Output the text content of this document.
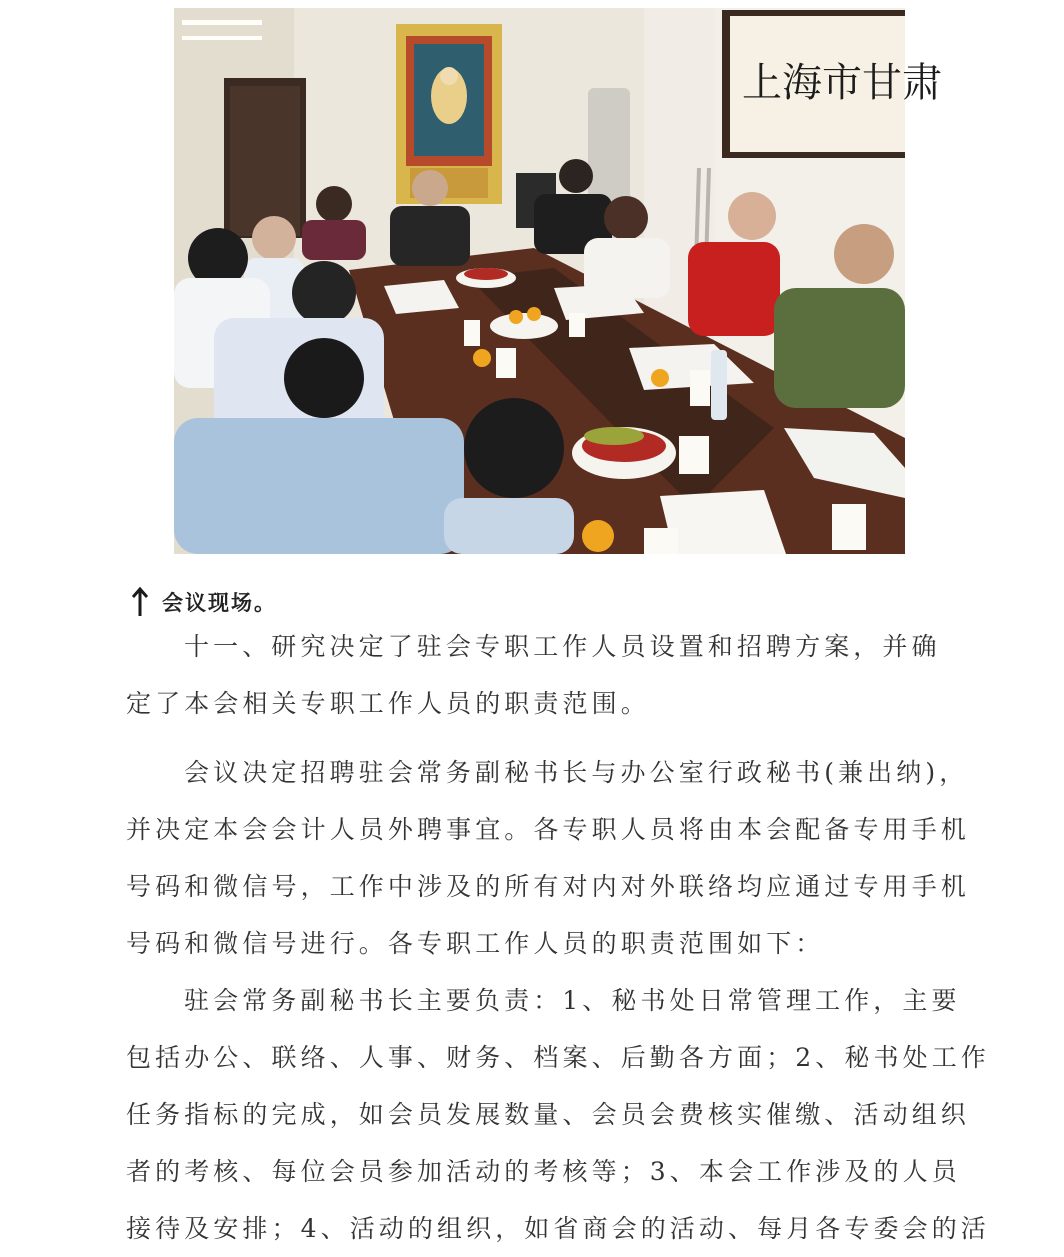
上海市甘肃
会议现场。
十一、研究决定了驻会专职工作人员设置和招聘方案，并确
定了本会相关专职工作人员的职责范围。
会议决定招聘驻会常务副秘书长与办公室行政秘书(兼出纳)，
并决定本会会计人员外聘事宜。各专职人员将由本会配备专用手机
号码和微信号，工作中涉及的所有对内对外联络均应通过专用手机
号码和微信号进行。各专职工作人员的职责范围如下：
驻会常务副秘书长主要负责：1、秘书处日常管理工作，主要
包括办公、联络、人事、财务、档案、后勤各方面；2、秘书处工作
任务指标的完成，如会员发展数量、会员会费核实催缴、活动组织
者的考核、每位会员参加活动的考核等；3、本会工作涉及的人员
接待及安排；4、活动的组织，如省商会的活动、每月各专委会的活
